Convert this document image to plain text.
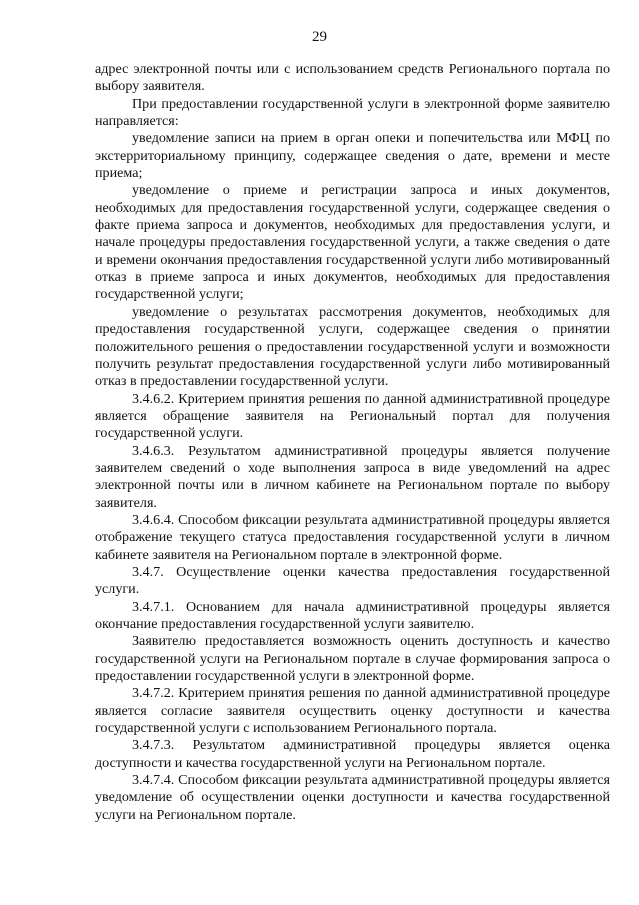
29

адрес электронной почты или с использованием средств Регионального портала по выбору заявителя.

При предоставлении государственной услуги в электронной форме заявителю направляется:

уведомление записи на прием в орган опеки и попечительства или МФЦ по экстерриториальному принципу, содержащее сведения о дате, времени и месте приема;

уведомление о приеме и регистрации запроса и иных документов, необходимых для предоставления государственной услуги, содержащее сведения о факте приема запроса и документов, необходимых для предоставления услуги, и начале процедуры предоставления государственной услуги, а также сведения о дате и времени окончания предоставления государственной услуги либо мотивированный отказ в приеме запроса и иных документов, необходимых для предоставления государственной услуги;

уведомление о результатах рассмотрения документов, необходимых для предоставления государственной услуги, содержащее сведения о принятии положительного решения о предоставлении государственной услуги и возможности получить результат предоставления государственной услуги либо мотивированный отказ в предоставлении государственной услуги.

3.4.6.2. Критерием принятия решения по данной административной процедуре является обращение заявителя на Региональный портал для получения государственной услуги.

3.4.6.3. Результатом административной процедуры является получение заявителем сведений о ходе выполнения запроса в виде уведомлений на адрес электронной почты или в личном кабинете на Региональном портале по выбору заявителя.

3.4.6.4. Способом фиксации результата административной процедуры является отображение текущего статуса предоставления государственной услуги в личном кабинете заявителя на Региональном портале в электронной форме.

3.4.7. Осуществление оценки качества предоставления государственной услуги.

3.4.7.1. Основанием для начала административной процедуры является окончание предоставления государственной услуги заявителю.

Заявителю предоставляется возможность оценить доступность и качество государственной услуги на Региональном портале в случае формирования запроса о предоставлении государственной услуги в электронной форме.

3.4.7.2. Критерием принятия решения по данной административной процедуре является согласие заявителя осуществить оценку доступности и качества государственной услуги с использованием Регионального портала.

3.4.7.3. Результатом административной процедуры является оценка доступности и качества государственной услуги на Региональном портале.

3.4.7.4. Способом фиксации результата административной процедуры является уведомление об осуществлении оценки доступности и качества государственной услуги на Региональном портале.
